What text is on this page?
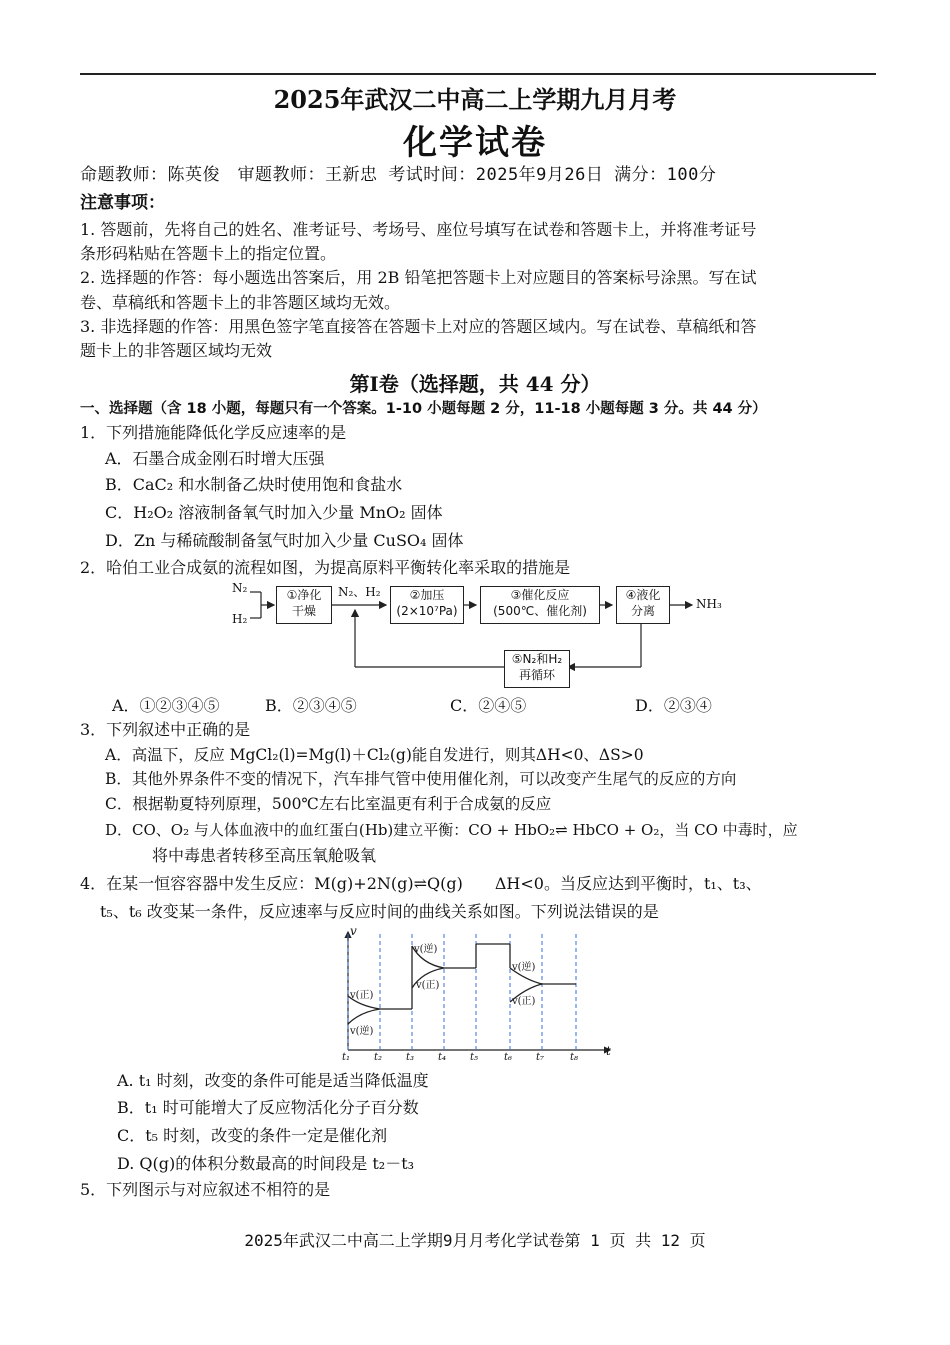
2025年武汉二中高二上学期九月月考
化学试卷
命题教师：陈英俊　审题教师：王新忠 考试时间：2025年9月26日 满分：100分
注意事项：
1. 答题前，先将自己的姓名、准考证号、考场号、座位号填写在试卷和答题卡上，并将准考证号
条形码粘贴在答题卡上的指定位置。
2. 选择题的作答：每小题选出答案后，用 2B 铅笔把答题卡上对应题目的答案标号涂黑。写在试
卷、草稿纸和答题卡上的非答题区域均无效。
3. 非选择题的作答：用黑色签字笔直接答在答题卡上对应的答题区域内。写在试卷、草稿纸和答
题卡上的非答题区域均无效
第I卷（选择题，共 44 分）
一、选择题（含 18 小题，每题只有一个答案。1-10 小题每题 2 分，11-18 小题每题 3 分。共 44 分）
1．下列措施能降低化学反应速率的是
A．石墨合成金刚石时增大压强
B．CaC₂ 和水制备乙炔时使用饱和食盐水
C．H₂O₂ 溶液制备氧气时加入少量 MnO₂ 固体
D．Zn 与稀硫酸制备氢气时加入少量 CuSO₄ 固体
2．哈伯工业合成氨的流程如图，为提高原料平衡转化率采取的措施是
N₂
H₂
①净化
干燥
N₂、H₂	②加压
(2×10⁷Pa)
③催化反应
(500℃、催化剂)
④液化
分离	NH₃
⑤N₂和H₂
再循环
A．①②③④⑤	B．②③④⑤	C．②④⑤	D．②③④
3．下列叙述中正确的是
A．高温下，反应 MgCl₂(l)=Mg(l)＋Cl₂(g)能自发进行，则其ΔH<0、ΔS>0
B．其他外界条件不变的情况下，汽车排气管中使用催化剂，可以改变产生尾气的反应的方向
C．根据勒夏特列原理，500℃左右比室温更有利于合成氨的反应
D．CO、O₂ 与人体血液中的血红蛋白(Hb)建立平衡：CO + HbO₂⇌ HbCO + O₂，当 CO 中毒时，应
将中毒患者转移至高压氧舱吸氧
4．在某一恒容容器中发生反应：M(g)+2N(g)⇌Q(g)　　ΔH<0。当反应达到平衡时，t₁、t₃、
t₅、t₆ 改变某一条件，反应速率与反应时间的曲线关系如图。下列说法错误的是
v
t
t₁ t₂ t₃ t₄ t₅	t₆ t₇	t₈
v(正)
v(逆)
v(逆)
v(正)
v(逆)
v(正)
A. t₁ 时刻，改变的条件可能是适当降低温度
B．t₁ 时可能增大了反应物活化分子百分数
C．t₅ 时刻，改变的条件一定是催化剂
D. Q(g)的体积分数最高的时间段是 t₂－t₃
5．下列图示与对应叙述不相符的是
2025年武汉二中高二上学期9月月考化学试卷第 1 页 共 12 页
